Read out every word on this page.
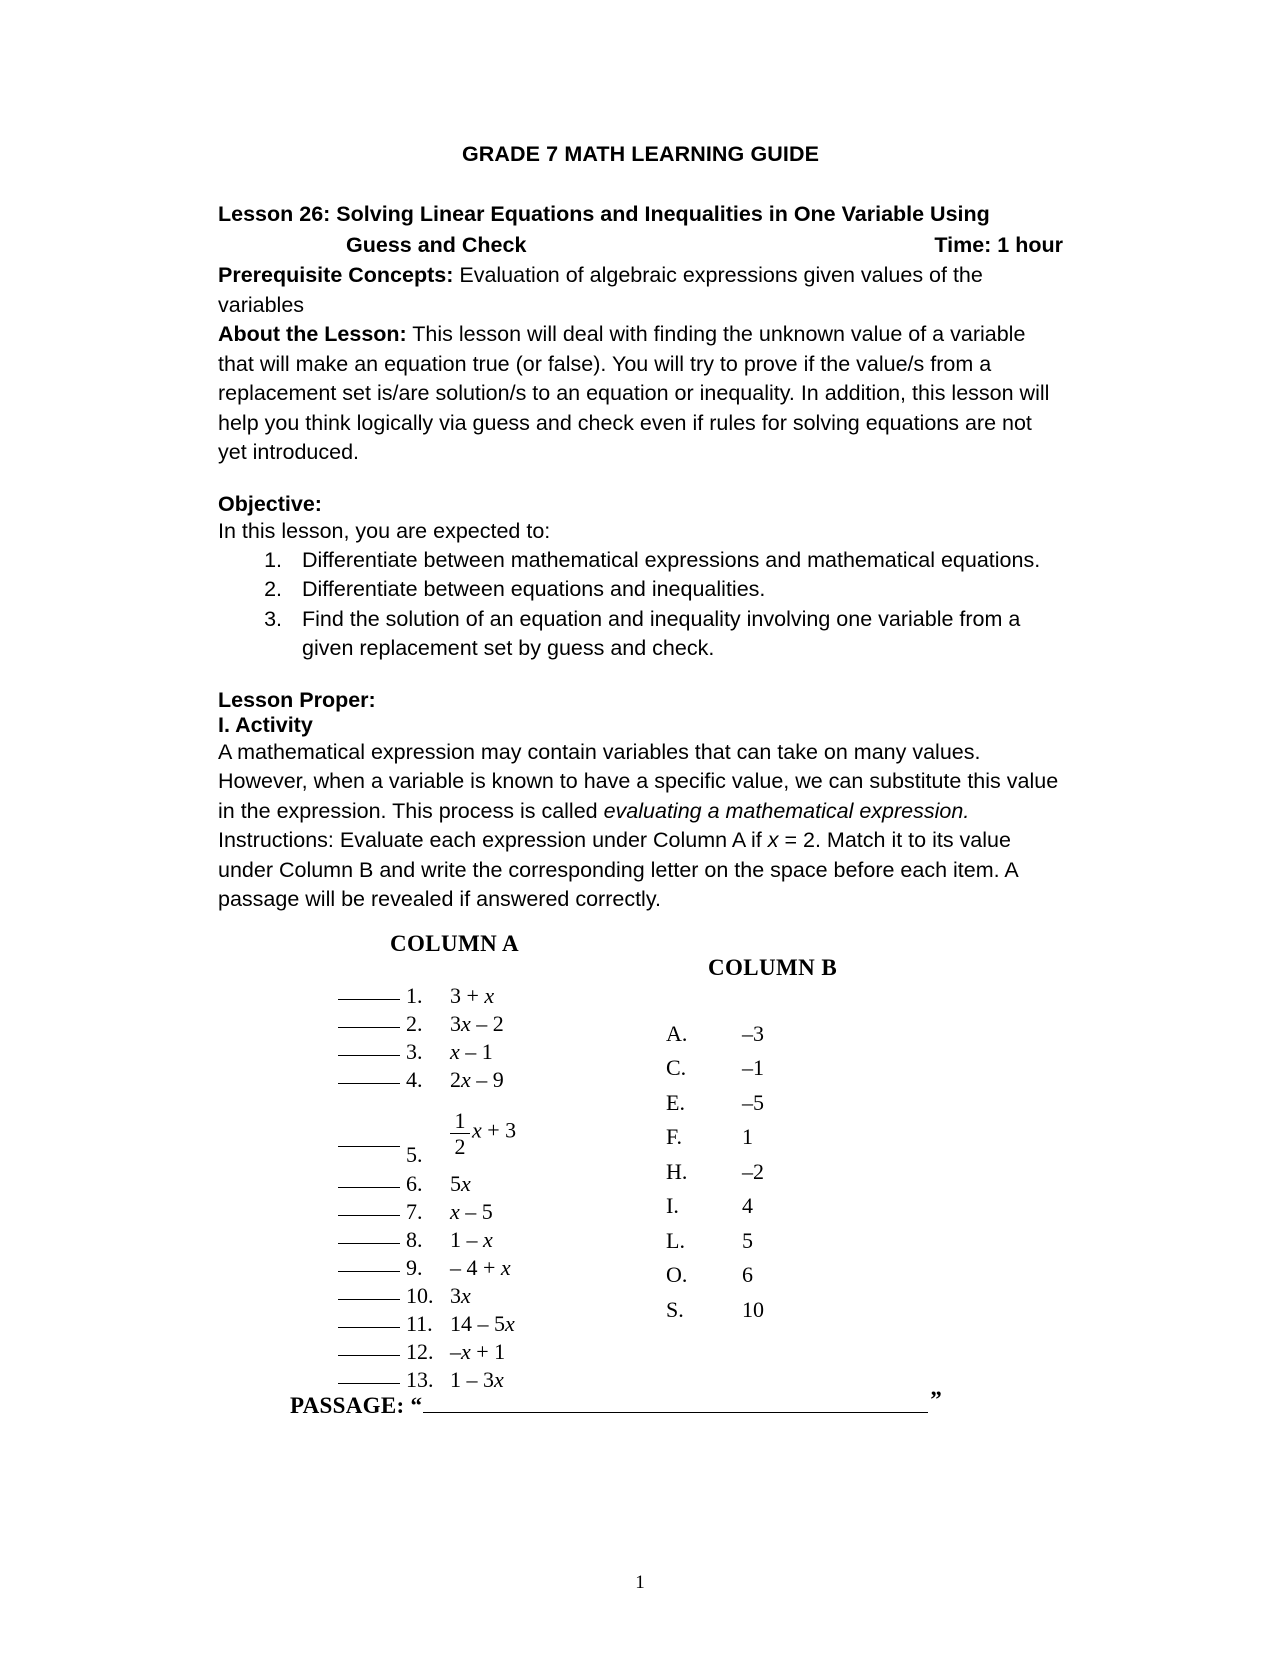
GRADE 7 MATH LEARNING GUIDE
Lesson 26: Solving Linear Equations and Inequalities in One Variable Using
Guess and Check	Time: 1 hour

Prerequisite Concepts: Evaluation of algebraic expressions given values of the variables

About the Lesson: This lesson will deal with finding the unknown value of a variable that will make an equation true (or false). You will try to prove if the value/s from a replacement set is/are solution/s to an equation or inequality. In addition, this lesson will help you think logically via guess and check even if rules for solving equations are not yet introduced.

Objective:

In this lesson, you are expected to:

1. Differentiate between mathematical expressions and mathematical equations.
2. Differentiate between equations and inequalities.
3. Find the solution of an equation and inequality involving one variable from a given replacement set by guess and check.
Lesson Proper:
I. Activity

A mathematical expression may contain variables that can take on many values. However, when a variable is known to have a specific value, we can substitute this value in the expression. This process is called evaluating a mathematical expression.

Instructions: Evaluate each expression under Column A if x = 2. Match it to its value under Column B and write the corresponding letter on the space before each item. A passage will be revealed if answered correctly.

COLUMN A
COLUMN B
1.	3 + x
2.	3x – 2
3.	x – 1
4.	2x – 9
5.	$\frac{1}{2}$ x + 3
6.	5x
7.	x – 5
8.	1 – x
9.	– 4 + x
10. 3x
11. 14 – 5x
12. –x + 1
13. 1 – 3x
A.	–3
C.	–1
E.	–5
F.	1
H.	–2
I.	4
L.	5
O.	6
S.	10
PASSAGE: “	”
1
